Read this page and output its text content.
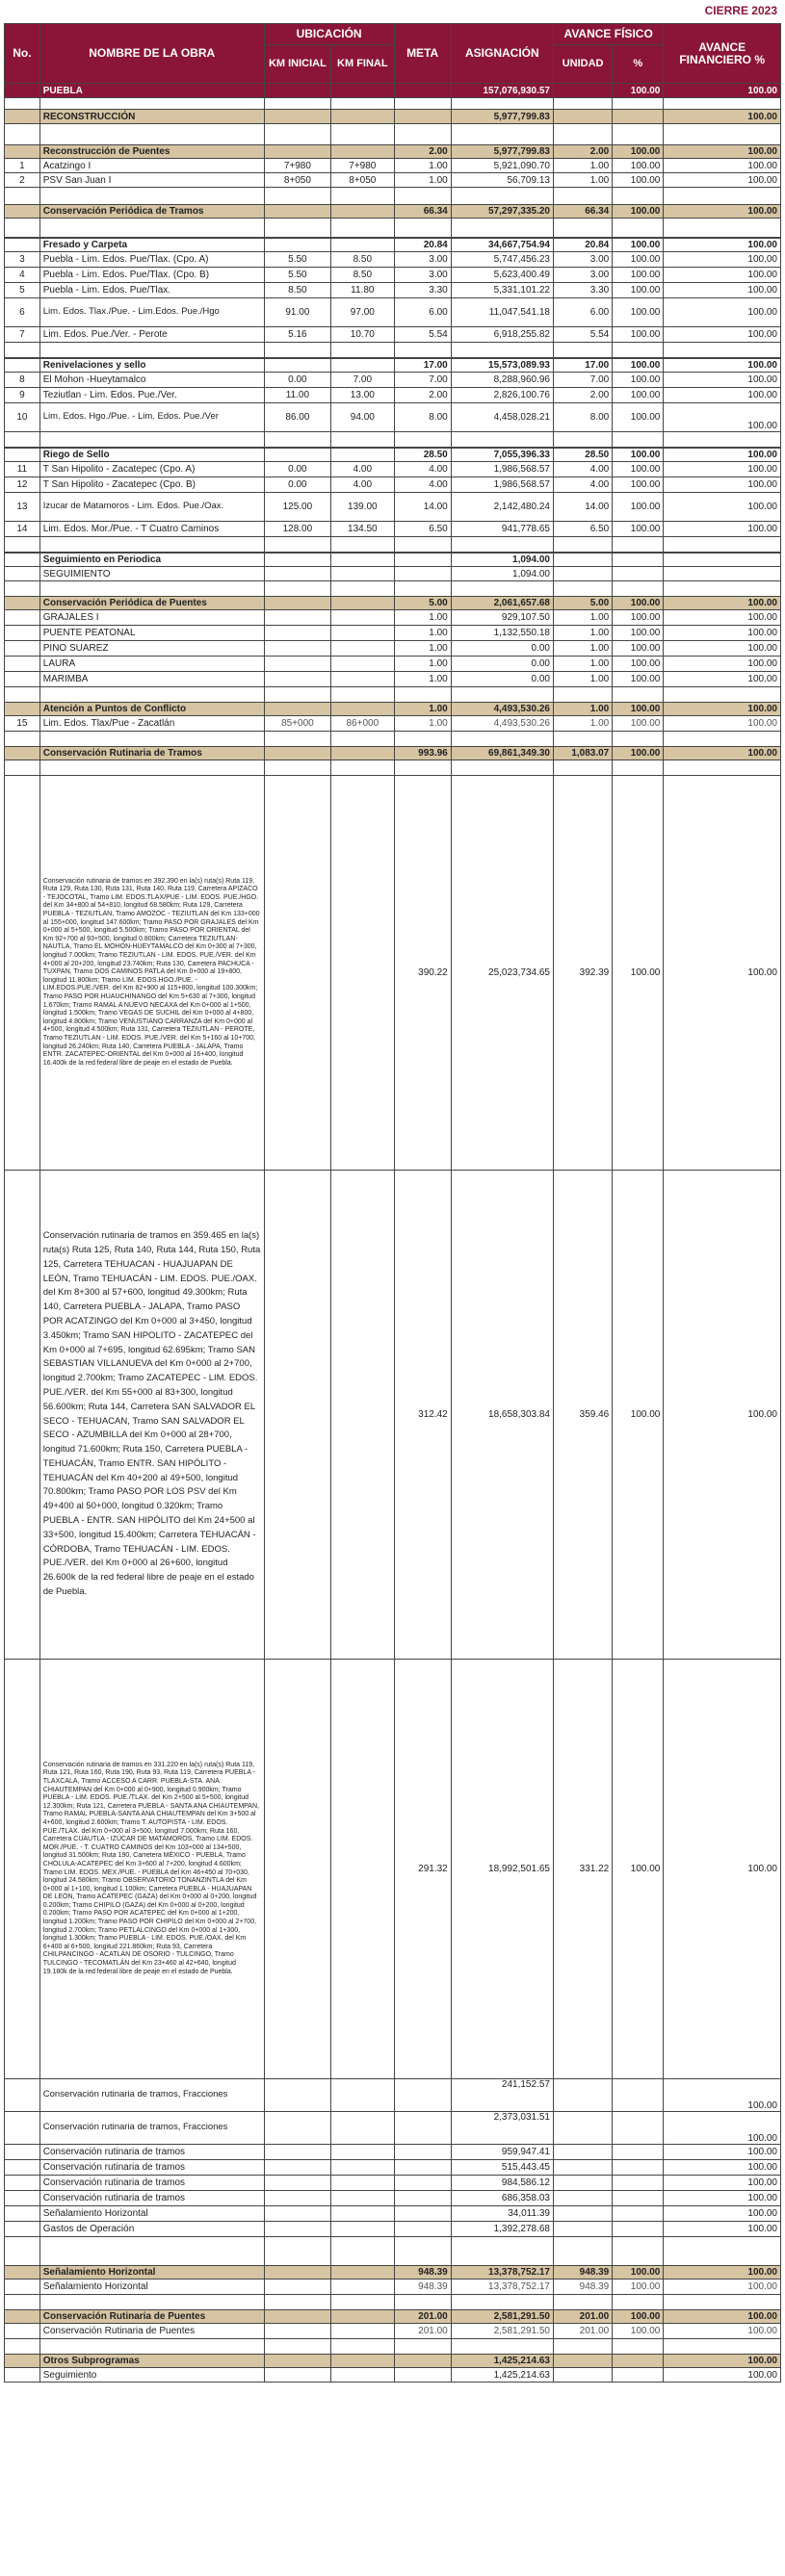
CIERRE 2023
No.	NOMBRE DE LA OBRA	UBICACIÓN		META	ASIGNACIÓN	AVANCE FÍSICO		AVANCE FINANCIERO %
		KM INICIAL	KM FINAL			UNIDAD	%	
	PUEBLA				157,076,930.57		100.00	100.00

	RECONSTRUCCIÓN				5,977,799.83			100.00

	Reconstrucción de Puentes			2.00	5,977,799.83	2.00	100.00	100.00
1	Acatzingo I	7+980	7+980	1.00	5,921,090.70	1.00	100.00	100.00
2	PSV San Juan I	8+050	8+050	1.00	56,709.13	1.00	100.00	100.00

	Conservación Periódica de Tramos			66.34	57,297,335.20	66.34	100.00	100.00

	Fresado y Carpeta			20.84	34,667,754.94	20.84	100.00	100.00
3	Puebla - Lim. Edos. Pue/Tlax. (Cpo. A)	5.50	8.50	3.00	5,747,456.23	3.00	100.00	100.00
4	Puebla - Lim. Edos. Pue/Tlax. (Cpo. B)	5.50	8.50	3.00	5,623,400.49	3.00	100.00	100.00
5	Puebla - Lim. Edos. Pue/Tlax.	8.50	11.80	3.30	5,331,101.22	3.30	100.00	100.00
6	Lim. Edos. Tlax./Pue. - Lim.Edos. Pue./Hgo	91.00	97.00	6.00	11,047,541.18	6.00	100.00	100.00
7	Lim. Edos. Pue./Ver. - Perote	5.16	10.70	5.54	6,918,255.82	5.54	100.00	100.00

	Renivelaciones y sello			17.00	15,573,089.93	17.00	100.00	100.00
8	El Mohon -Hueytamalco	0.00	7.00	7.00	8,288,960.96	7.00	100.00	100.00
9	Teziutlan - Lim. Edos. Pue./Ver.	11.00	13.00	2.00	2,826,100.76	2.00	100.00	100.00
10	Lim. Edos. Hgo./Pue. - Lim. Edos. Pue./Ver	86.00	94.00	8.00	4,458,028.21	8.00	100.00	100.00

	Riego de Sello			28.50	7,055,396.33	28.50	100.00	100.00
11	T San Hipolito - Zacatepec (Cpo. A)	0.00	4.00	4.00	1,986,568.57	4.00	100.00	100.00
12	T San Hipolito - Zacatepec (Cpo. B)	0.00	4.00	4.00	1,986,568.57	4.00	100.00	100.00
13	Izucar de Matamoros - Lim. Edos. Pue./Oax.	125.00	139.00	14.00	2,142,480.24	14.00	100.00	100.00
14	Lim. Edos. Mor./Pue. - T Cuatro Caminos	128.00	134.50	6.50	941,778.65	6.50	100.00	100.00

	Seguimiento en Periodica				1,094.00			
	SEGUIMIENTO				1,094.00			

	Conservación Periódica de Puentes			5.00	2,061,657.68	5.00	100.00	100.00
	GRAJALES I			1.00	929,107.50	1.00	100.00	100.00
	PUENTE PEATONAL			1.00	1,132,550.18	1.00	100.00	100.00
	PINO SUAREZ			1.00	0.00	1.00	100.00	100.00
	LAURA			1.00	0.00	1.00	100.00	100.00
	MARIMBA			1.00	0.00	1.00	100.00	100.00

	Atención a Puntos de Conflicto			1.00	4,493,530.26	1.00	100.00	100.00
15	Lim. Edos. Tlax/Pue - Zacatlán	85+000	86+000	1.00	4,493,530.26	1.00	100.00	100.00

	Conservación Rutinaria de Tramos			993.96	69,861,349.30	1,083.07	100.00	100.00

	Conservación rutinaria de tramos en 392.390 en la(s) ruta(s) Ruta 119, Ruta 129, Ruta 130, Ruta 131, Ruta 140, Ruta 119, Carretera APIZACO - TEJOCOTAL, Tramo LIM. EDOS.TLAX/PUE - LIM. EDOS. PUE./HGO. del Km 34+800 al 54+810, longitud 68.580km; Ruta 129, Carretera PUEBLA - TEZIUTLAN, Tramo AMOZOC - TEZIUTLAN del Km 133+000 al 155+000, longitud 147.600km; Tramo PASO POR GRAJALES del Km 0+000 al 5+500, longitud 5.500km; Tramo PASO POR ORIENTAL del Km 92+700 al 93+500, longitud 0.800km; Carretera TEZIUTLAN-NAUTLA, Tramo EL MOHON-HUEYTAMALCO del Km 0+300 al 7+300, longitud 7.000km; Tramo TEZIUTLAN - LIM. EDOS. PUE./VER. del Km 4+000 al 20+200, longitud 23.740km; Ruta 130, Carretera PACHUCA - TUXPAN, Tramo DOS CAMINOS PATLA del Km 0+000 al 19+800, longitud 11.800km; Tramo LIM. EDOS.HGO./PUE. - LIM.EDOS.PUE./VER. del Km 82+900 al 115+800, longitud 100.300km; Tramo PASO POR HUAUCHINANGO del Km 5+630 al 7+300, longitud 1.670km; Tramo RAMAL A NUEVO NECAXA del Km 0+000 al 1+500, longitud 1.500km; Tramo VEGAS DE SUCHIL del Km 0+000 al 4+800, longitud 4.800km; Tramo VENUSTIANO CARRANZA del Km 0+000 al 4+500, longitud 4.500km; Ruta 131, Carretera TEZIUTLAN - PEROTE, Tramo TEZIUTLAN - LIM. EDOS. PUE./VER. del Km 5+160 al 10+700, longitud 26.240km; Ruta 140, Carretera PUEBLA - JALAPA, Tramo ENTR. ZACATEPEC-ORIENTAL del Km 0+000 al 16+400, longitud 16.400k de la red federal libre de peaje en el estado de Puebla.			390.22	25,023,734.65	392.39	100.00	100.00
	Conservación rutinaria de tramos en 359.465 en la(s) ruta(s) Ruta 125, Ruta 140, Ruta 144, Ruta 150, Ruta 125, Carretera TEHUACAN - HUAJUAPAN DE LEÓN, Tramo TEHUACÁN - LIM. EDOS. PUE./OAX. del Km 8+300 al 57+600, longitud 49.300km; Ruta 140, Carretera PUEBLA - JALAPA, Tramo PASO POR ACATZINGO del Km 0+000 al 3+450, longitud 3.450km; Tramo SAN HIPOLITO - ZACATEPEC del Km 0+000 al 7+695, longitud 62.695km; Tramo SAN SEBASTIAN VILLANUEVA del Km 0+000 al 2+700, longitud 2.700km; Tramo ZACATEPEC - LIM. EDOS. PUE./VER. del Km 55+000 al 83+300, longitud 56.600km; Ruta 144, Carretera SAN SALVADOR EL SECO - TEHUACAN, Tramo SAN SALVADOR EL SECO - AZUMBILLA del Km 0+000 al 28+700, longitud 71.600km; Ruta 150, Carretera PUEBLA - TEHUACÁN, Tramo ENTR. SAN HIPÓLITO - TEHUACÁN del Km 40+200 al 49+500, longitud 70.800km; Tramo PASO POR LOS PSV del Km 49+400 al 50+000, longitud 0.320km; Tramo PUEBLA - ENTR. SAN HIPÓLITO del Km 24+500 al 33+500, longitud 15.400km; Carretera TEHUACÁN - CÓRDOBA, Tramo TEHUACÁN - LIM. EDOS. PUE./VER. del Km 0+000 al 26+600, longitud 26.600k de la red federal libre de peaje en el estado de Puebla.			312.42	18,658,303.84	359.46	100.00	100.00
	Conservación rutinaria de tramos en 331.220 en la(s) ruta(s) Ruta 119, Ruta 121, Ruta 160, Ruta 190, Ruta 93, Ruta 119, Carretera PUEBLA - TLAXCALA, Tramo ACCESO A CARR. PUEBLA-STA. ANA CHIAUTEMPAN del Km 0+000 al 0+900, longitud 0.900km; Tramo PUEBLA - LIM. EDOS. PUE./TLAX. del Km 2+500 al 5+500, longitud 12.300km; Ruta 121, Carretera PUEBLA - SANTA ANA CHIAUTEMPAN, Tramo RAMAL PUEBLA-SANTA ANA CHIAUTEMPAN del Km 3+500 al 4+600, longitud 2.600km; Tramo T. AUTOPISTA - LIM. EDOS. PUE./TLAX. del Km 0+000 al 3+500, longitud 7.000km; Ruta 160, Carretera CUAUTLA - IZÚCAR DE MATAMOROS, Tramo LIM. EDOS. MOR./PUE. - T. CUATRO CAMINOS del Km 103+000 al 134+500, longitud 31.500km; Ruta 190, Carretera MÉXICO - PUEBLA, Tramo CHOLULA-ACATEPEC del Km 3+600 al 7+200, longitud 4.600km; Tramo LIM. EDOS. MEX./PUE. - PUEBLA del Km 46+450 al 70+030, longitud 24.580km; Tramo OBSERVATORIO TONANZINTLA del Km 0+000 al 1+100, longitud 1.100km; Carretera PUEBLA - HUAJUAPAN DE LEÓN, Tramo ACATEPEC (GAZA) del Km 0+000 al 0+200, longitud 0.200km; Tramo CHIPILO (GAZA) del Km 0+000 al 0+200, longitud 0.200km; Tramo PASO POR ACATEPEC del Km 0+000 al 1+200, longitud 1.200km; Tramo PASO POR CHIPILO del Km 0+000 al 2+700, longitud 2.700km; Tramo PETLALCINGO del Km 0+000 al 1+300, longitud 1.300km; Tramo PUEBLA - LIM. EDOS. PUE./OAX. del Km 6+400 al 6+500, longitud 221.860km; Ruta 93, Carretera CHILPANCINGO - ACATLÁN DE OSORIO - TULCINGO, Tramo TULCINGO - TECOMATLÁN del Km 23+460 al 42+640, longitud 19.180k de la red federal libre de peaje en el estado de Puebla.			291.32	18,992,501.65	331.22	100.00	100.00
	Conservación rutinaria de tramos, Fracciones				241,152.57			100.00
	Conservación rutinaria de tramos, Fracciones				2,373,031.51			100.00
	Conservación rutinaria de tramos				959,947.41			100.00
	Conservación rutinaria de tramos				515,443.45			100.00
	Conservación rutinaria de tramos				984,586.12			100.00
	Conservación rutinaria de tramos				686,358.03			100.00
	Señalamiento Horizontal				34,011.39			100.00
	Gastos de Operación				1,392,278.68			100.00

	Señalamiento Horizontal			948.39	13,378,752.17	948.39	100.00	100.00
	Señalamiento Horizontal			948.39	13,378,752.17	948.39	100.00	100.00

	Conservación Rutinaria de Puentes			201.00	2,581,291.50	201.00	100.00	100.00
	Conservación Rutinaria de Puentes			201.00	2,581,291.50	201.00	100.00	100.00

	Otros Subprogramas				1,425,214.63			100.00
	Seguimiento				1,425,214.63			100.00
